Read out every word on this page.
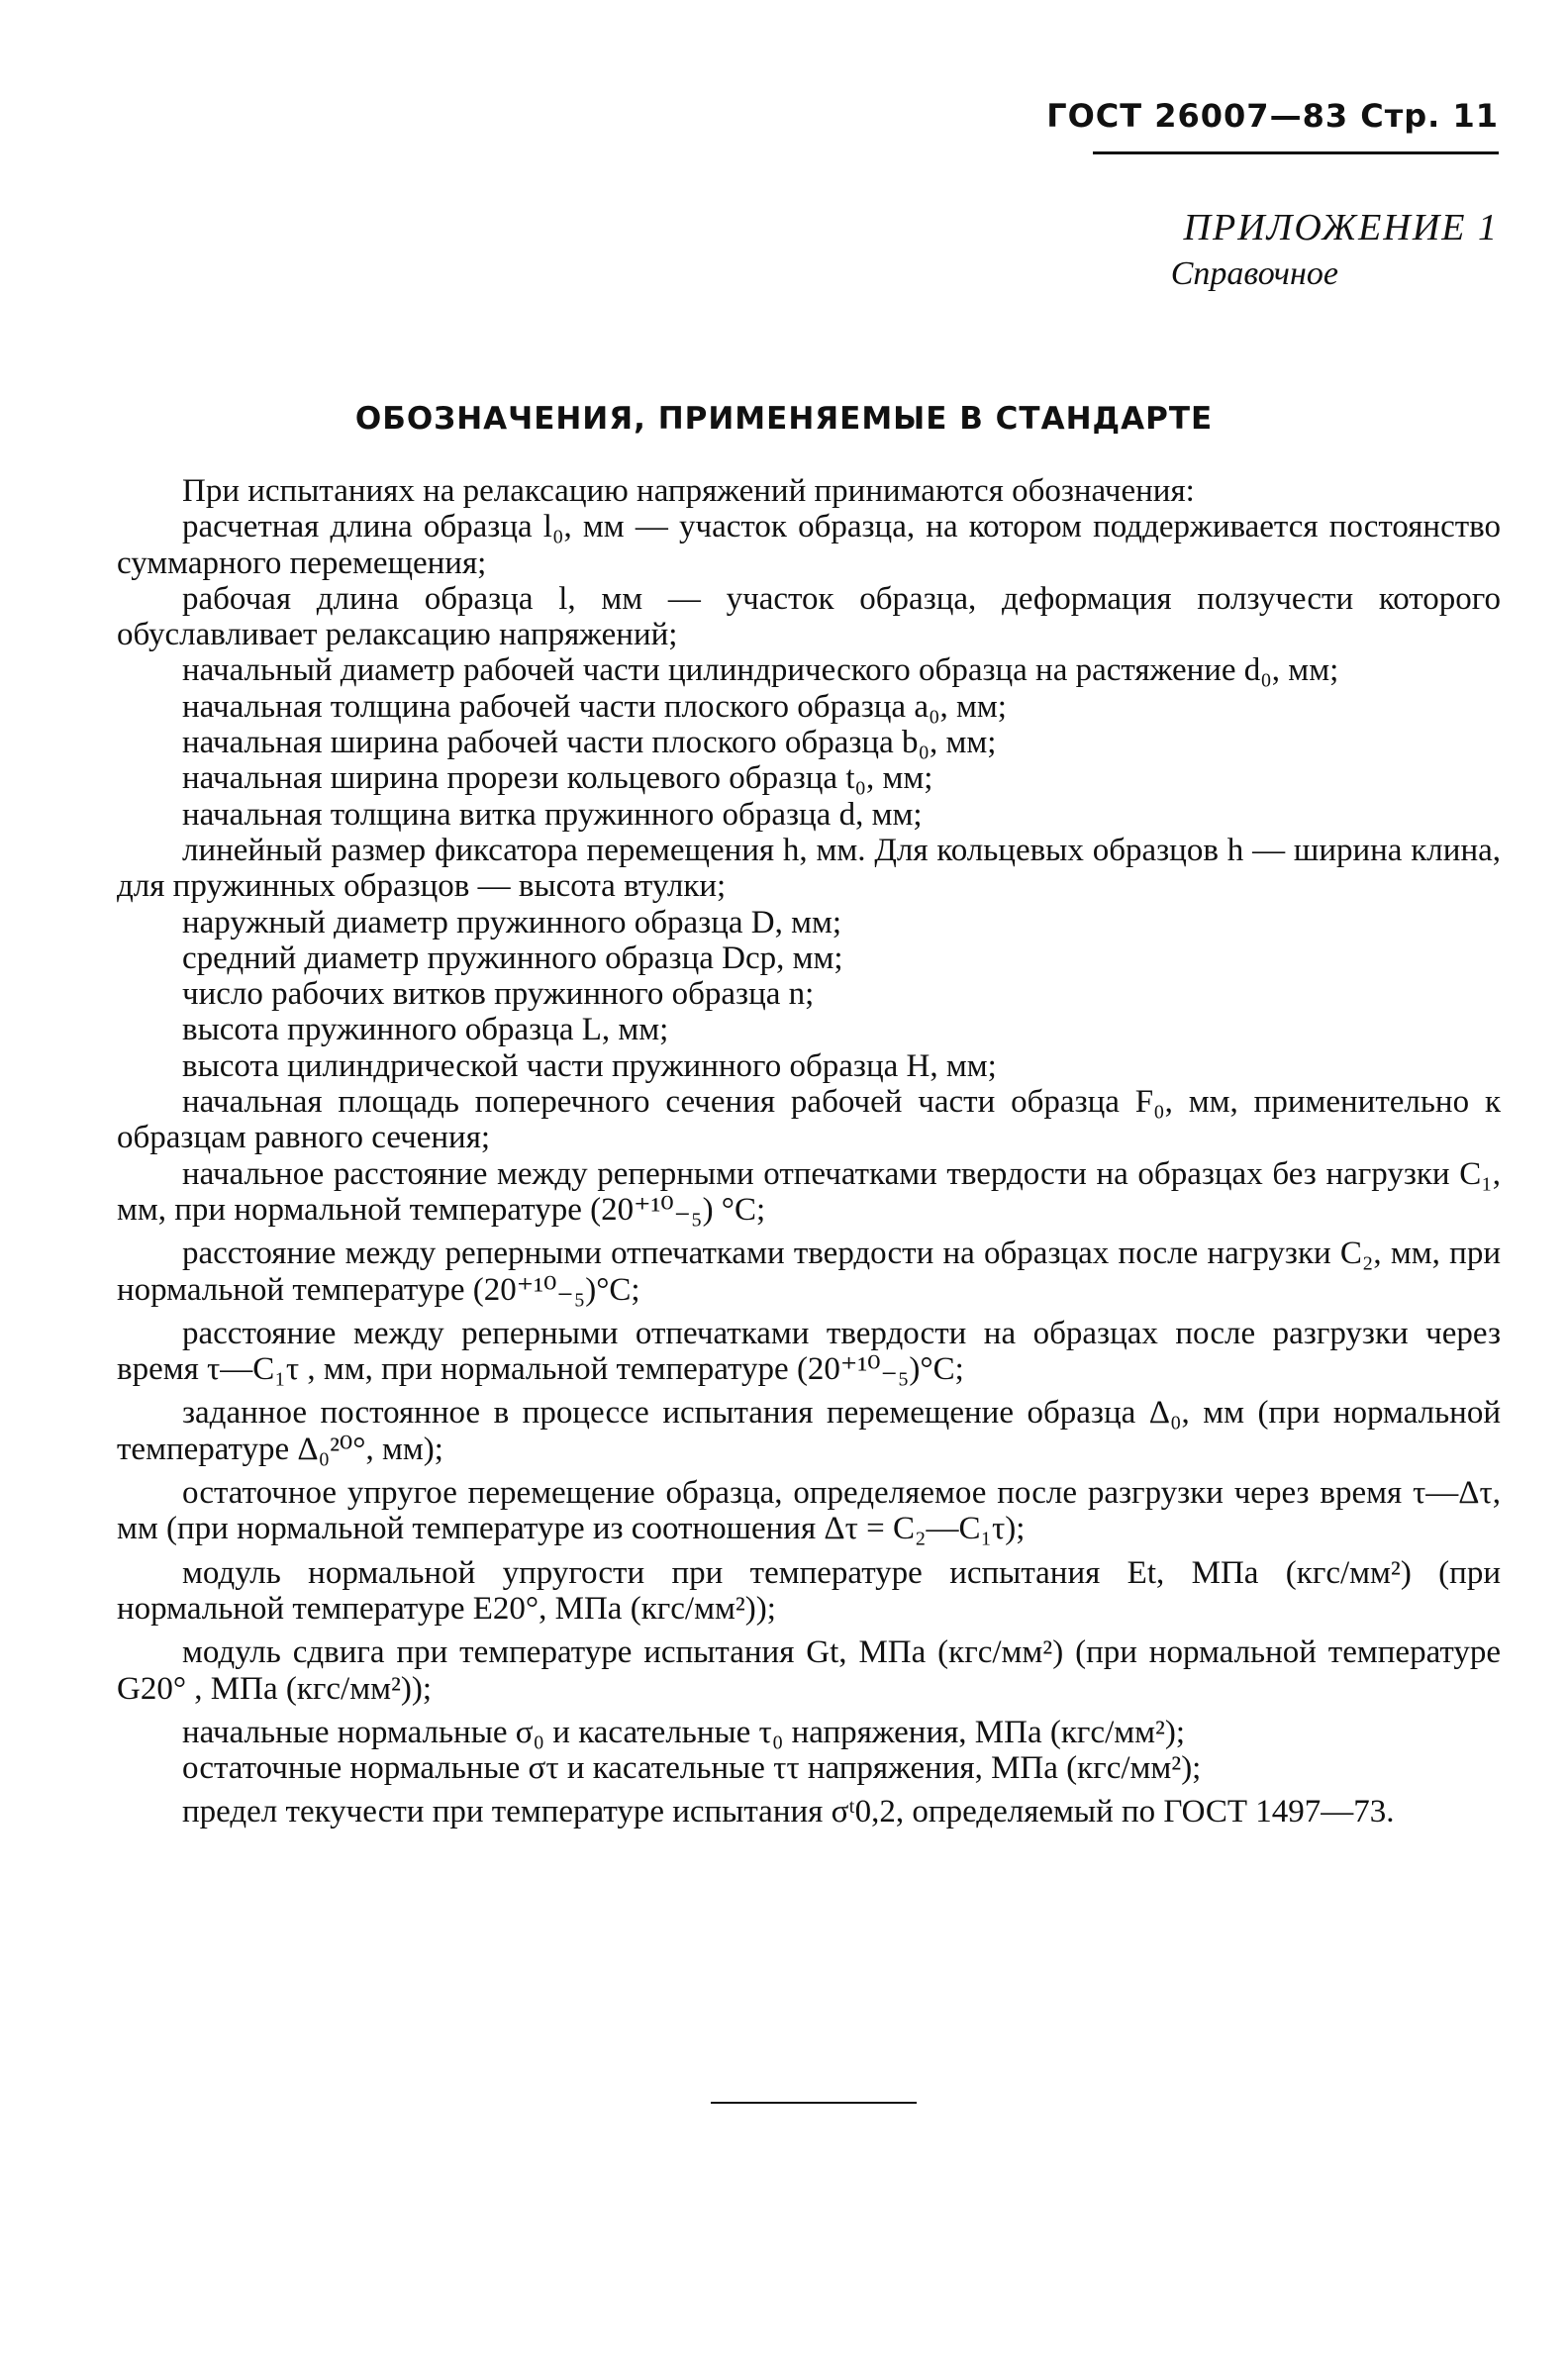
ГОСТ 26007—83 Стр. 11
ПРИЛОЖЕНИЕ 1
Справочное
ОБОЗНАЧЕНИЯ, ПРИМЕНЯЕМЫЕ В СТАНДАРТЕ

При испытаниях на релаксацию напряжений принимаются обозначения:

расчетная длина образца l₀, мм — участок образца, на котором поддерживается постоянство суммарного перемещения;

рабочая длина образца l, мм — участок образца, деформация ползучести которого обуславливает релаксацию напряжений;

начальный диаметр рабочей части цилиндрического образца на растяжение d₀, мм;

начальная толщина рабочей части плоского образца a₀, мм;

начальная ширина рабочей части плоского образца b₀, мм;

начальная ширина прорези кольцевого образца t₀, мм;

начальная толщина витка пружинного образца d, мм;

линейный размер фиксатора перемещения h, мм. Для кольцевых образцов h — ширина клина, для пружинных образцов — высота втулки;

наружный диаметр пружинного образца D, мм;

средний диаметр пружинного образца Dср, мм;

число рабочих витков пружинного образца n;

высота пружинного образца L, мм;

высота цилиндрической части пружинного образца H, мм;

начальная площадь поперечного сечения рабочей части образца F₀, мм, применительно к образцам равного сечения;

начальное расстояние между реперными отпечатками твердости на образцах без нагрузки C₁, мм, при нормальной температуре (20⁺¹⁰₋₅) °С;

расстояние между реперными отпечатками твердости на образцах после нагрузки C₂, мм, при нормальной температуре (20⁺¹⁰₋₅)°С;

расстояние между реперными отпечатками твердости на образцах после разгрузки через время τ—C₁τ , мм, при нормальной температуре (20⁺¹⁰₋₅)°С;

заданное постоянное в процессе испытания перемещение образца Δ₀, мм (при нормальной температуре Δ₀²⁰°, мм);

остаточное упругое перемещение образца, определяемое после разгрузки через время τ—Δτ, мм (при нормальной температуре из соотношения Δτ = C₂—C₁τ);

модуль нормальной упругости при температуре испытания Et, МПа (кгс/мм²) (при нормальной температуре E20°, МПа (кгс/мм²));

модуль сдвига при температуре испытания Gt, МПа (кгс/мм²) (при нормальной температуре G20° , МПа (кгс/мм²));

начальные нормальные σ₀ и касательные τ₀ напряжения, МПа (кгс/мм²);

остаточные нормальные στ и касательные ττ напряжения, МПа (кгс/мм²);

предел текучести при температуре испытания σᵗ0,2, определяемый по ГОСТ 1497—73.
